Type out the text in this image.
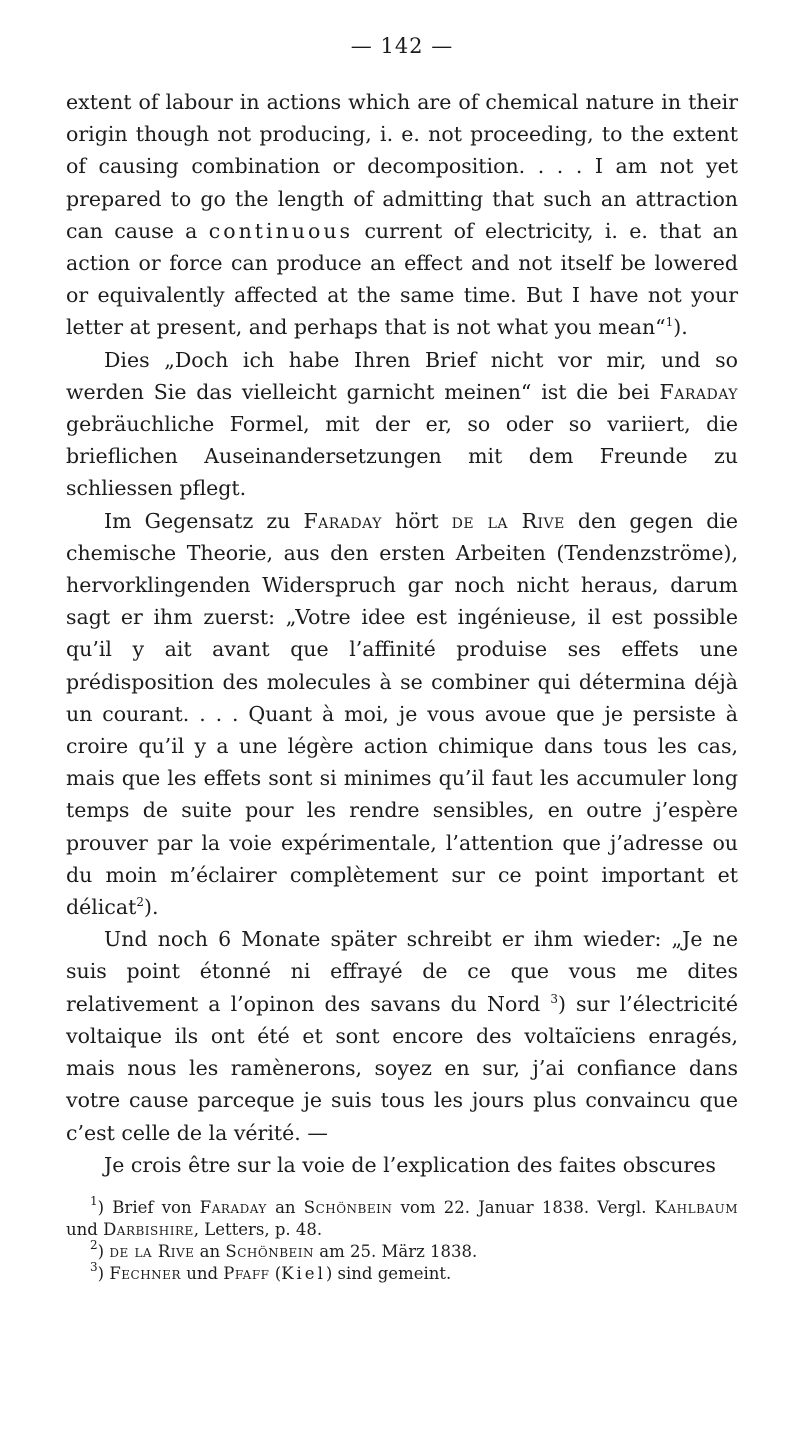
— 142 —

extent of labour in actions which are of chemical nature in their origin though not producing, i. e. not proceeding, to the extent of causing combination or decomposition. . . . I am not yet prepared to go the length of admitting that such an attraction can cause a continuous current of electricity, i. e. that an action or force can produce an effect and not itself be lowered or equivalently affected at the same time. But I have not your letter at present, and perhaps that is not what you mean“$^1$).

Dies „Doch ich habe Ihren Brief nicht vor mir, und so werden Sie das vielleicht garnicht meinen“ ist die bei Faraday gebräuchliche Formel, mit der er, so oder so variiert, die brieflichen Auseinandersetzungen mit dem Freunde zu schliessen pflegt.

Im Gegensatz zu Faraday hört de la Rive den gegen die chemische Theorie, aus den ersten Arbeiten (Tendenzströme), hervorklingenden Widerspruch gar noch nicht heraus, darum sagt er ihm zuerst: „Votre idee est ingénieuse, il est possible qu’il y ait avant que l’affinité produise ses effets une prédisposition des molecules à se combiner qui détermina déjà un courant. . . . Quant à moi, je vous avoue que je persiste à croire qu’il y a une légère action chimique dans tous les cas, mais que les effets sont si minimes qu’il faut les accumuler long temps de suite pour les rendre sensibles, en outre j’espère prouver par la voie expérimentale, l’attention que j’adresse ou du moin m’éclairer complètement sur ce point important et délicat$^2$).

Und noch 6 Monate später schreibt er ihm wieder: „Je ne suis point étonné ni effrayé de ce que vous me dites relativement a l’opinon des savans du Nord $^3$) sur l’électricité voltaique ils ont été et sont encore des voltaïciens enragés, mais nous les ramènerons, soyez en sur, j’ai confiance dans votre cause parceque je suis tous les jours plus convaincu que c’est celle de la vérité. —

Je crois être sur la voie de l’explication des faites obscures

$^1$) Brief von Faraday an Schönbein vom 22. Januar 1838. Vergl. Kahlbaum und Darbishire, Letters, p. 48.

$^2$) de la Rive an Schönbein am 25. März 1838.

$^3$) Fechner und Pfaff (Kiel) sind gemeint.
